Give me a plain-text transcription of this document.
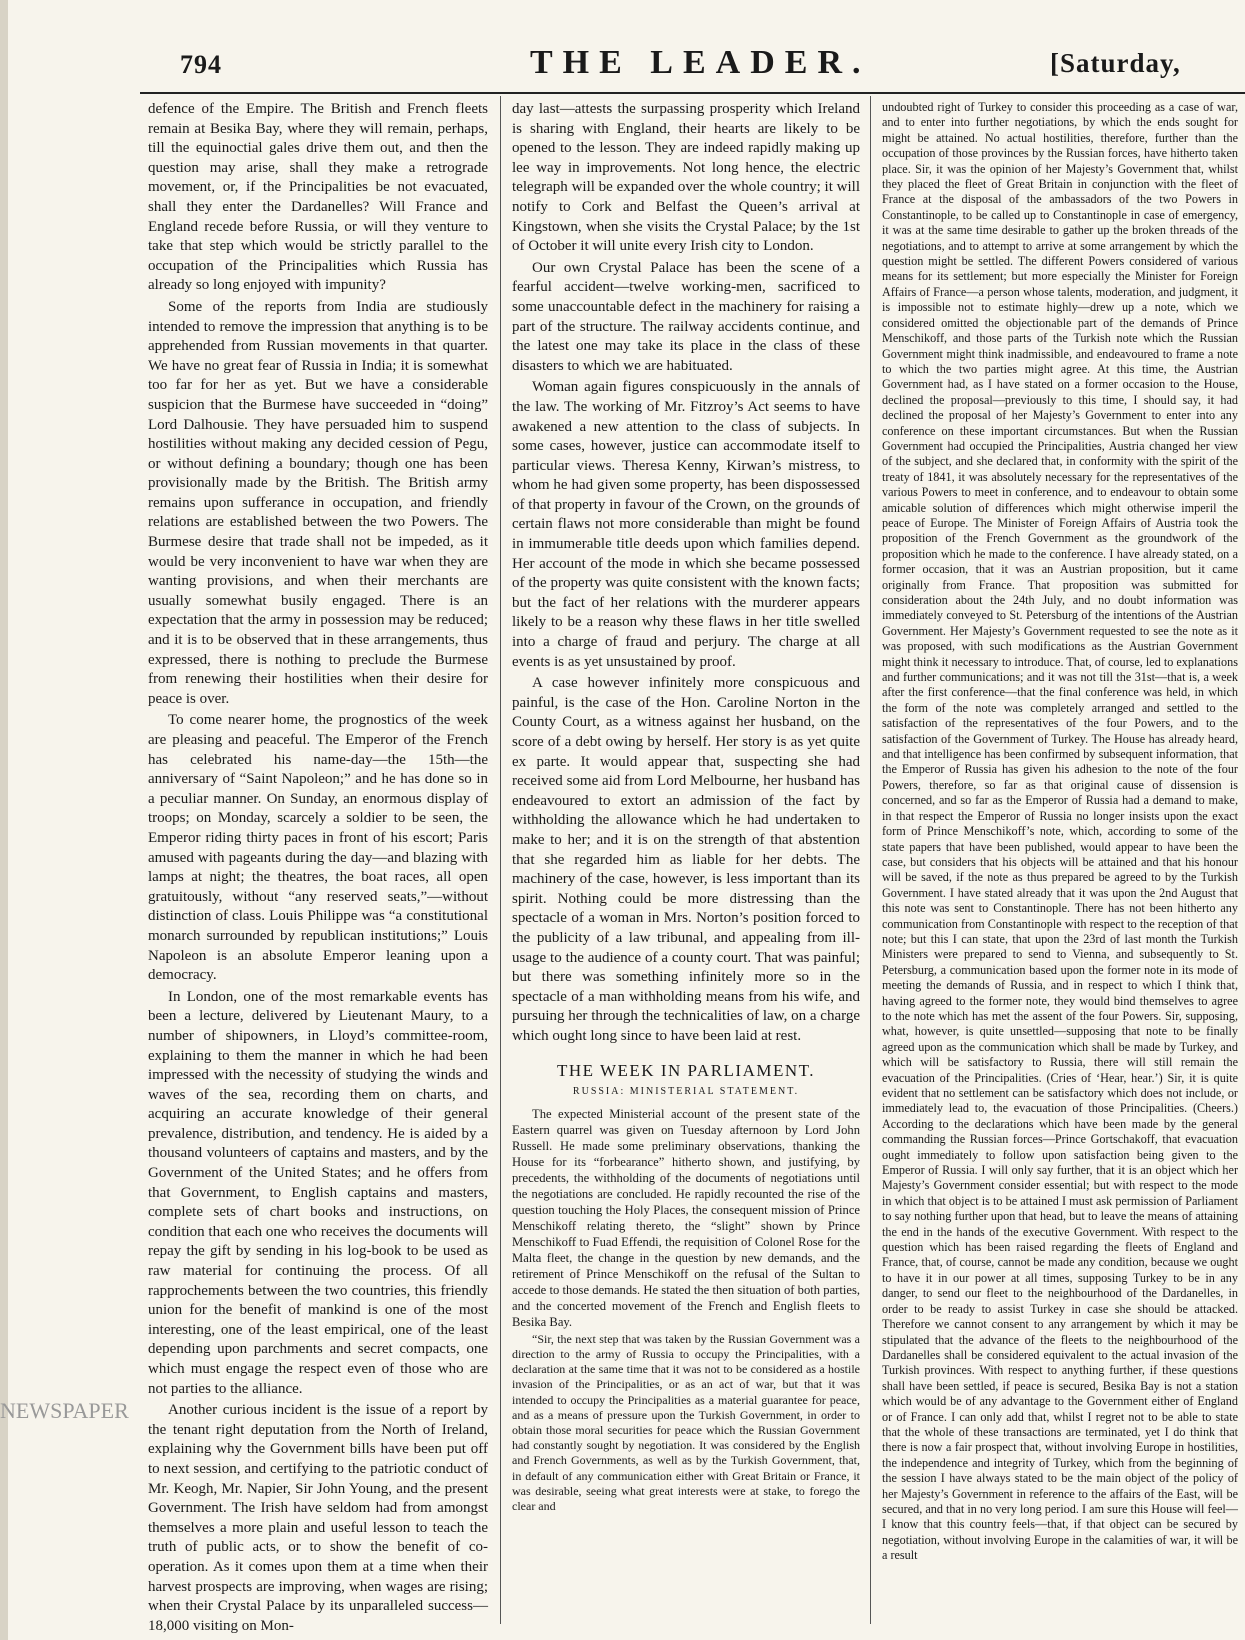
794	THE LEADER.	[Saturday,

defence of the Empire. The British and French fleets remain at Besika Bay, where they will remain, perhaps, till the equinoctial gales drive them out, and then the question may arise, shall they make a retrograde movement, or, if the Principalities be not evacuated, shall they enter the Dardanelles? Will France and England recede before Russia, or will they venture to take that step which would be strictly parallel to the occupation of the Principalities which Russia has already so long enjoyed with impunity?

Some of the reports from India are studiously intended to remove the impression that anything is to be apprehended from Russian movements in that quarter. We have no great fear of Russia in India; it is somewhat too far for her as yet. But we have a considerable suspicion that the Burmese have succeeded in “doing” Lord Dalhousie. They have persuaded him to suspend hostilities without making any decided cession of Pegu, or without defining a boundary; though one has been provisionally made by the British. The British army remains upon sufferance in occupation, and friendly relations are established between the two Powers. The Burmese desire that trade shall not be impeded, as it would be very inconvenient to have war when they are wanting provisions, and when their merchants are usually somewhat busily engaged. There is an expectation that the army in possession may be reduced; and it is to be observed that in these arrangements, thus expressed, there is nothing to preclude the Burmese from renewing their hostilities when their desire for peace is over.

To come nearer home, the prognostics of the week are pleasing and peaceful. The Emperor of the French has celebrated his name-day—the 15th—the anniversary of “Saint Napoleon;” and he has done so in a peculiar manner. On Sunday, an enormous display of troops; on Monday, scarcely a soldier to be seen, the Emperor riding thirty paces in front of his escort; Paris amused with pageants during the day—and blazing with lamps at night; the theatres, the boat races, all open gratuitously, without “any reserved seats,”—without distinction of class. Louis Philippe was “a constitutional monarch surrounded by republican institutions;” Louis Napoleon is an absolute Emperor leaning upon a democracy.

In London, one of the most remarkable events has been a lecture, delivered by Lieutenant Maury, to a number of shipowners, in Lloyd’s committee-room, explaining to them the manner in which he had been impressed with the necessity of studying the winds and waves of the sea, recording them on charts, and acquiring an accurate knowledge of their general prevalence, distribution, and tendency. He is aided by a thousand volunteers of captains and masters, and by the Government of the United States; and he offers from that Government, to English captains and masters, complete sets of chart books and instructions, on condition that each one who receives the documents will repay the gift by sending in his log-book to be used as raw material for continuing the process. Of all rapprochements between the two countries, this friendly union for the benefit of mankind is one of the most interesting, one of the least empirical, one of the least depending upon parchments and secret compacts, one which must engage the respect even of those who are not parties to the alliance.

Another curious incident is the issue of a report by the tenant right deputation from the North of Ireland, explaining why the Government bills have been put off to next session, and certifying to the patriotic conduct of Mr. Keogh, Mr. Napier, Sir John Young, and the present Government. The Irish have seldom had from amongst themselves a more plain and useful lesson to teach the truth of public acts, or to show the benefit of co-operation. As it comes upon them at a time when their harvest prospects are improving, when wages are rising; when their Crystal Palace by its unparalleled success—18,000 visiting on Mon-

day last—attests the surpassing prosperity which Ireland is sharing with England, their hearts are likely to be opened to the lesson. They are indeed rapidly making up lee way in improvements. Not long hence, the electric telegraph will be expanded over the whole country; it will notify to Cork and Belfast the Queen’s arrival at Kingstown, when she visits the Crystal Palace; by the 1st of October it will unite every Irish city to London.

Our own Crystal Palace has been the scene of a fearful accident—twelve working-men, sacrificed to some unaccountable defect in the machinery for raising a part of the structure. The railway accidents continue, and the latest one may take its place in the class of these disasters to which we are habituated.

Woman again figures conspicuously in the annals of the law. The working of Mr. Fitzroy’s Act seems to have awakened a new attention to the class of subjects. In some cases, however, justice can accommodate itself to particular views. Theresa Kenny, Kirwan’s mistress, to whom he had given some property, has been dispossessed of that property in favour of the Crown, on the grounds of certain flaws not more considerable than might be found in immumerable title deeds upon which families depend. Her account of the mode in which she became possessed of the property was quite consistent with the known facts; but the fact of her relations with the murderer appears likely to be a reason why these flaws in her title swelled into a charge of fraud and perjury. The charge at all events is as yet unsustained by proof.

A case however infinitely more conspicuous and painful, is the case of the Hon. Caroline Norton in the County Court, as a witness against her husband, on the score of a debt owing by herself. Her story is as yet quite ex parte. It would appear that, suspecting she had received some aid from Lord Melbourne, her husband has endeavoured to extort an admission of the fact by withholding the allowance which he had undertaken to make to her; and it is on the strength of that abstention that she regarded him as liable for her debts. The machinery of the case, however, is less important than its spirit. Nothing could be more distressing than the spectacle of a woman in Mrs. Norton’s position forced to the publicity of a law tribunal, and appealing from ill-usage to the audience of a county court. That was painful; but there was something infinitely more so in the spectacle of a man withholding means from his wife, and pursuing her through the technicalities of law, on a charge which ought long since to have been laid at rest.

THE WEEK IN PARLIAMENT.
RUSSIA: MINISTERIAL STATEMENT.

The expected Ministerial account of the present state of the Eastern quarrel was given on Tuesday afternoon by Lord John Russell. He made some preliminary observations, thanking the House for its “forbearance” hitherto shown, and justifying, by precedents, the withholding of the documents of negotiations until the negotiations are concluded. He rapidly recounted the rise of the question touching the Holy Places, the consequent mission of Prince Menschikoff relating thereto, the “slight” shown by Prince Menschikoff to Fuad Effendi, the requisition of Colonel Rose for the Malta fleet, the change in the question by new demands, and the retirement of Prince Menschikoff on the refusal of the Sultan to accede to those demands. He stated the then situation of both parties, and the concerted movement of the French and English fleets to Besika Bay.

“Sir, the next step that was taken by the Russian Government was a direction to the army of Russia to occupy the Principalities, with a declaration at the same time that it was not to be considered as a hostile invasion of the Principalities, or as an act of war, but that it was intended to occupy the Principalities as a material guarantee for peace, and as a means of pressure upon the Turkish Government, in order to obtain those moral securities for peace which the Russian Government had constantly sought by negotiation. It was considered by the English and French Governments, as well as by the Turkish Government, that, in default of any communication either with Great Britain or France, it was desirable, seeing what great interests were at stake, to forego the clear and

undoubted right of Turkey to consider this proceeding as a case of war, and to enter into further negotiations, by which the ends sought for might be attained. No actual hostilities, therefore, further than the occupation of those provinces by the Russian forces, have hitherto taken place. Sir, it was the opinion of her Majesty’s Government that, whilst they placed the fleet of Great Britain in conjunction with the fleet of France at the disposal of the ambassadors of the two Powers in Constantinople, to be called up to Constantinople in case of emergency, it was at the same time desirable to gather up the broken threads of the negotiations, and to attempt to arrive at some arrangement by which the question might be settled. The different Powers considered of various means for its settlement; but more especially the Minister for Foreign Affairs of France—a person whose talents, moderation, and judgment, it is impossible not to estimate highly—drew up a note, which we considered omitted the objectionable part of the demands of Prince Menschikoff, and those parts of the Turkish note which the Russian Government might think inadmissible, and endeavoured to frame a note to which the two parties might agree. At this time, the Austrian Government had, as I have stated on a former occasion to the House, declined the proposal—previously to this time, I should say, it had declined the proposal of her Majesty’s Government to enter into any conference on these important circumstances. But when the Russian Government had occupied the Principalities, Austria changed her view of the subject, and she declared that, in conformity with the spirit of the treaty of 1841, it was absolutely necessary for the representatives of the various Powers to meet in conference, and to endeavour to obtain some amicable solution of differences which might otherwise imperil the peace of Europe. The Minister of Foreign Affairs of Austria took the proposition of the French Government as the groundwork of the proposition which he made to the conference. I have already stated, on a former occasion, that it was an Austrian proposition, but it came originally from France. That proposition was submitted for consideration about the 24th July, and no doubt information was immediately conveyed to St. Petersburg of the intentions of the Austrian Government. Her Majesty’s Government requested to see the note as it was proposed, with such modifications as the Austrian Government might think it necessary to introduce. That, of course, led to explanations and further communications; and it was not till the 31st—that is, a week after the first conference—that the final conference was held, in which the form of the note was completely arranged and settled to the satisfaction of the representatives of the four Powers, and to the satisfaction of the Government of Turkey. The House has already heard, and that intelligence has been confirmed by subsequent information, that the Emperor of Russia has given his adhesion to the note of the four Powers, therefore, so far as that original cause of dissension is concerned, and so far as the Emperor of Russia had a demand to make, in that respect the Emperor of Russia no longer insists upon the exact form of Prince Menschikoff’s note, which, according to some of the state papers that have been published, would appear to have been the case, but considers that his objects will be attained and that his honour will be saved, if the note as thus prepared be agreed to by the Turkish Government. I have stated already that it was upon the 2nd August that this note was sent to Constantinople. There has not been hitherto any communication from Constantinople with respect to the reception of that note; but this I can state, that upon the 23rd of last month the Turkish Ministers were prepared to send to Vienna, and subsequently to St. Petersburg, a communication based upon the former note in its mode of meeting the demands of Russia, and in respect to which I think that, having agreed to the former note, they would bind themselves to agree to the note which has met the assent of the four Powers. Sir, supposing, what, however, is quite unsettled—supposing that note to be finally agreed upon as the communication which shall be made by Turkey, and which will be satisfactory to Russia, there will still remain the evacuation of the Principalities. (Cries of ‘Hear, hear.’) Sir, it is quite evident that no settlement can be satisfactory which does not include, or immediately lead to, the evacuation of those Principalities. (Cheers.) According to the declarations which have been made by the general commanding the Russian forces—Prince Gortschakoff, that evacuation ought immediately to follow upon satisfaction being given to the Emperor of Russia. I will only say further, that it is an object which her Majesty’s Government consider essential; but with respect to the mode in which that object is to be attained I must ask permission of Parliament to say nothing further upon that head, but to leave the means of attaining the end in the hands of the executive Government. With respect to the question which has been raised regarding the fleets of England and France, that, of course, cannot be made any condition, because we ought to have it in our power at all times, supposing Turkey to be in any danger, to send our fleet to the neighbourhood of the Dardanelles, in order to be ready to assist Turkey in case she should be attacked. Therefore we cannot consent to any arrangement by which it may be stipulated that the advance of the fleets to the neighbourhood of the Dardanelles shall be considered equivalent to the actual invasion of the Turkish provinces. With respect to anything further, if these questions shall have been settled, if peace is secured, Besika Bay is not a station which would be of any advantage to the Government either of England or of France. I can only add that, whilst I regret not to be able to state that the whole of these transactions are terminated, yet I do think that there is now a fair prospect that, without involving Europe in hostilities, the independence and integrity of Turkey, which from the beginning of the session I have always stated to be the main object of the policy of her Majesty’s Government in reference to the affairs of the East, will be secured, and that in no very long period. I am sure this House will feel—I know that this country feels—that, if that object can be secured by negotiation, without involving Europe in the calamities of war, it will be a result

NEWSPAPER
